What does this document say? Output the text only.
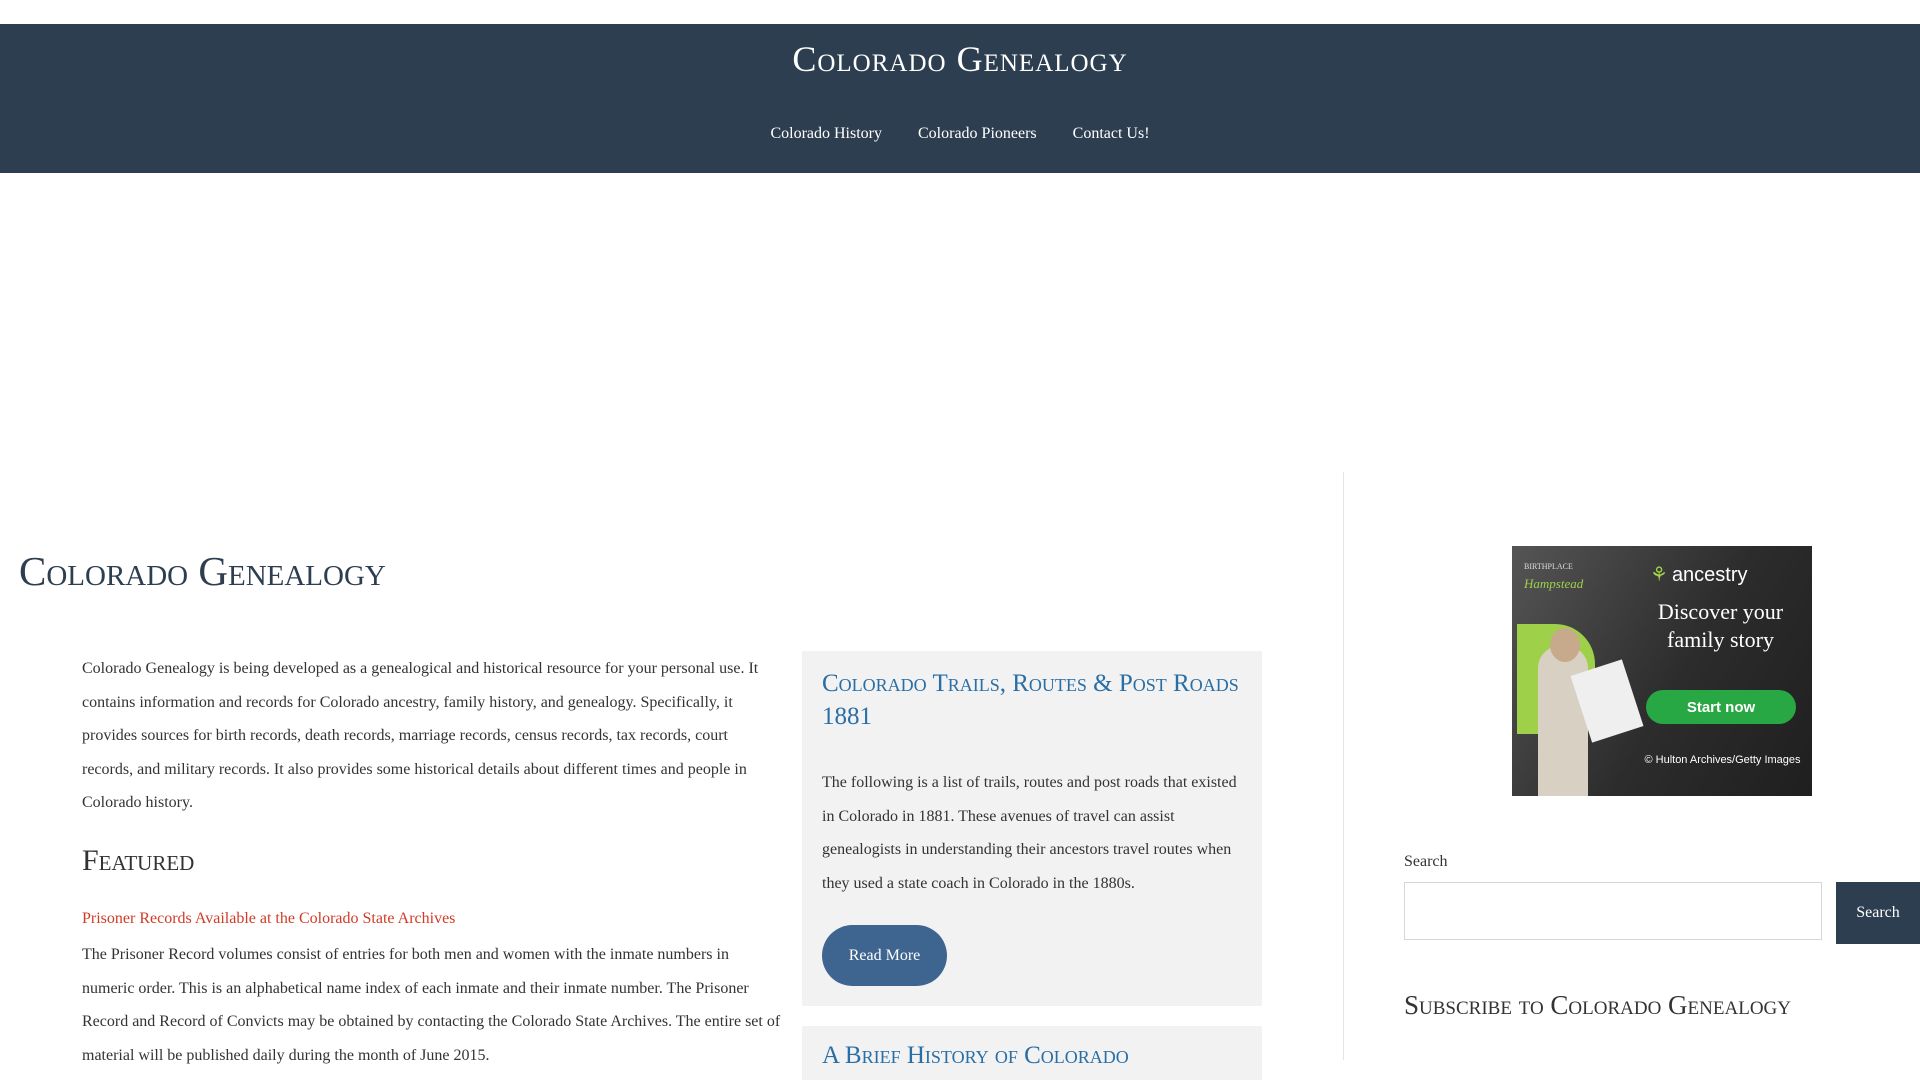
Colorado Genealogy
Colorado History Colorado Pioneers Contact Us!
Colorado Genealogy

Colorado Genealogy is being developed as a genealogical and historical resource for your personal use. It contains information and records for Colorado ancestry, family history, and genealogy. Specifically, it provides sources for birth records, death records, marriage records, census records, tax records, court records, and military records. It also provides some historical details about different times and people in Colorado history.

Featured
Prisoner Records Available at the Colorado State Archives

The Prisoner Record volumes consist of entries for both men and women with the inmate numbers in numeric order. This is an alphabetical name index of each inmate and their inmate number. The Prisoner Record and Record of Convicts may be obtained by contacting the Colorado State Archives. The entire set of material will be published daily during the month of June 2015.

Colorado Trails, Routes & Post Roads 1881

The following is a list of trails, routes and post roads that existed in Colorado in 1881. These avenues of travel can assist genealogists in understanding their ancestors travel routes when they used a state coach in Colorado in the 1880s.

Read More
A Brief History of Colorado
BIRTHPLACE
Hampstead	⚘ ancestry
Discover your family story
Start now
© Hulton Archives/Getty Images
Search
Search
Subscribe to Colorado Genealogy
